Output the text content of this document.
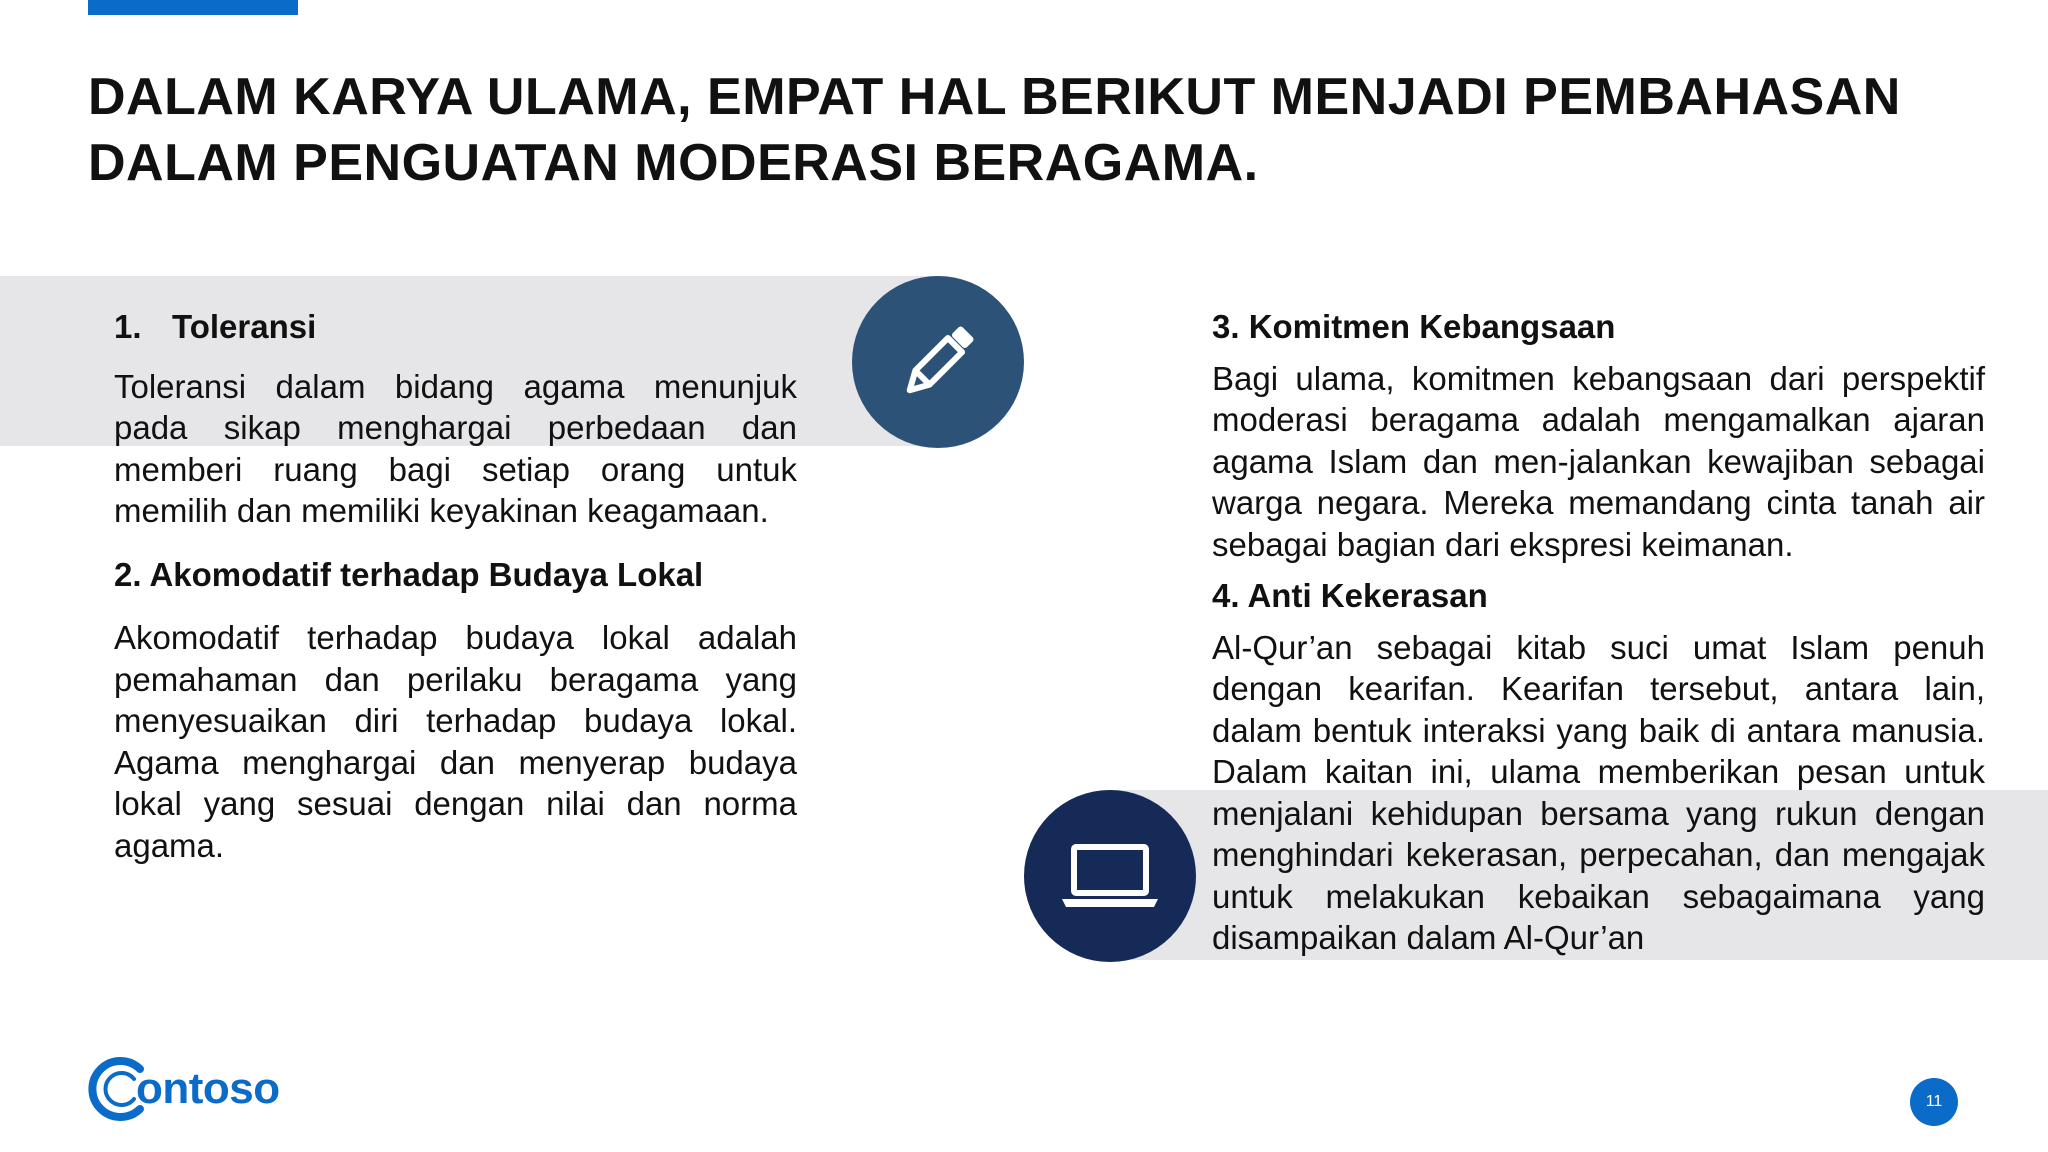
DALAM KARYA ULAMA, EMPAT HAL BERIKUT MENJADI PEMBAHASAN
DALAM PENGUATAN MODERASI BERAGAMA.

1. Toleransi

Toleransi dalam bidang agama menunjuk pada sikap menghargai perbedaan dan memberi ruang bagi setiap orang untuk memilih dan memiliki keyakinan keagamaan.

2. Akomodatif terhadap Budaya Lokal

Akomodatif terhadap budaya lokal adalah pemahaman dan perilaku beragama yang menyesuaikan diri terhadap budaya lokal. Agama menghargai dan menyerap budaya lokal yang sesuai dengan nilai dan norma agama.

3. Komitmen Kebangsaan

Bagi ulama, komitmen kebangsaan dari perspektif moderasi beragama adalah mengamalkan ajaran agama Islam dan men-jalankan kewajiban sebagai warga negara. Mereka memandang cinta tanah air sebagai bagian dari ekspresi keimanan.

4. Anti Kekerasan

Al-Qur’an sebagai kitab suci umat Islam penuh dengan kearifan. Kearifan tersebut, antara lain, dalam bentuk interaksi yang baik di antara manusia. Dalam kaitan ini, ulama memberikan pesan untuk menjalani kehidupan bersama yang rukun dengan menghindari kekerasan, perpecahan, dan mengajak untuk melakukan kebaikan sebagaimana yang disampaikan dalam Al-Qur’an

ontoso	11
